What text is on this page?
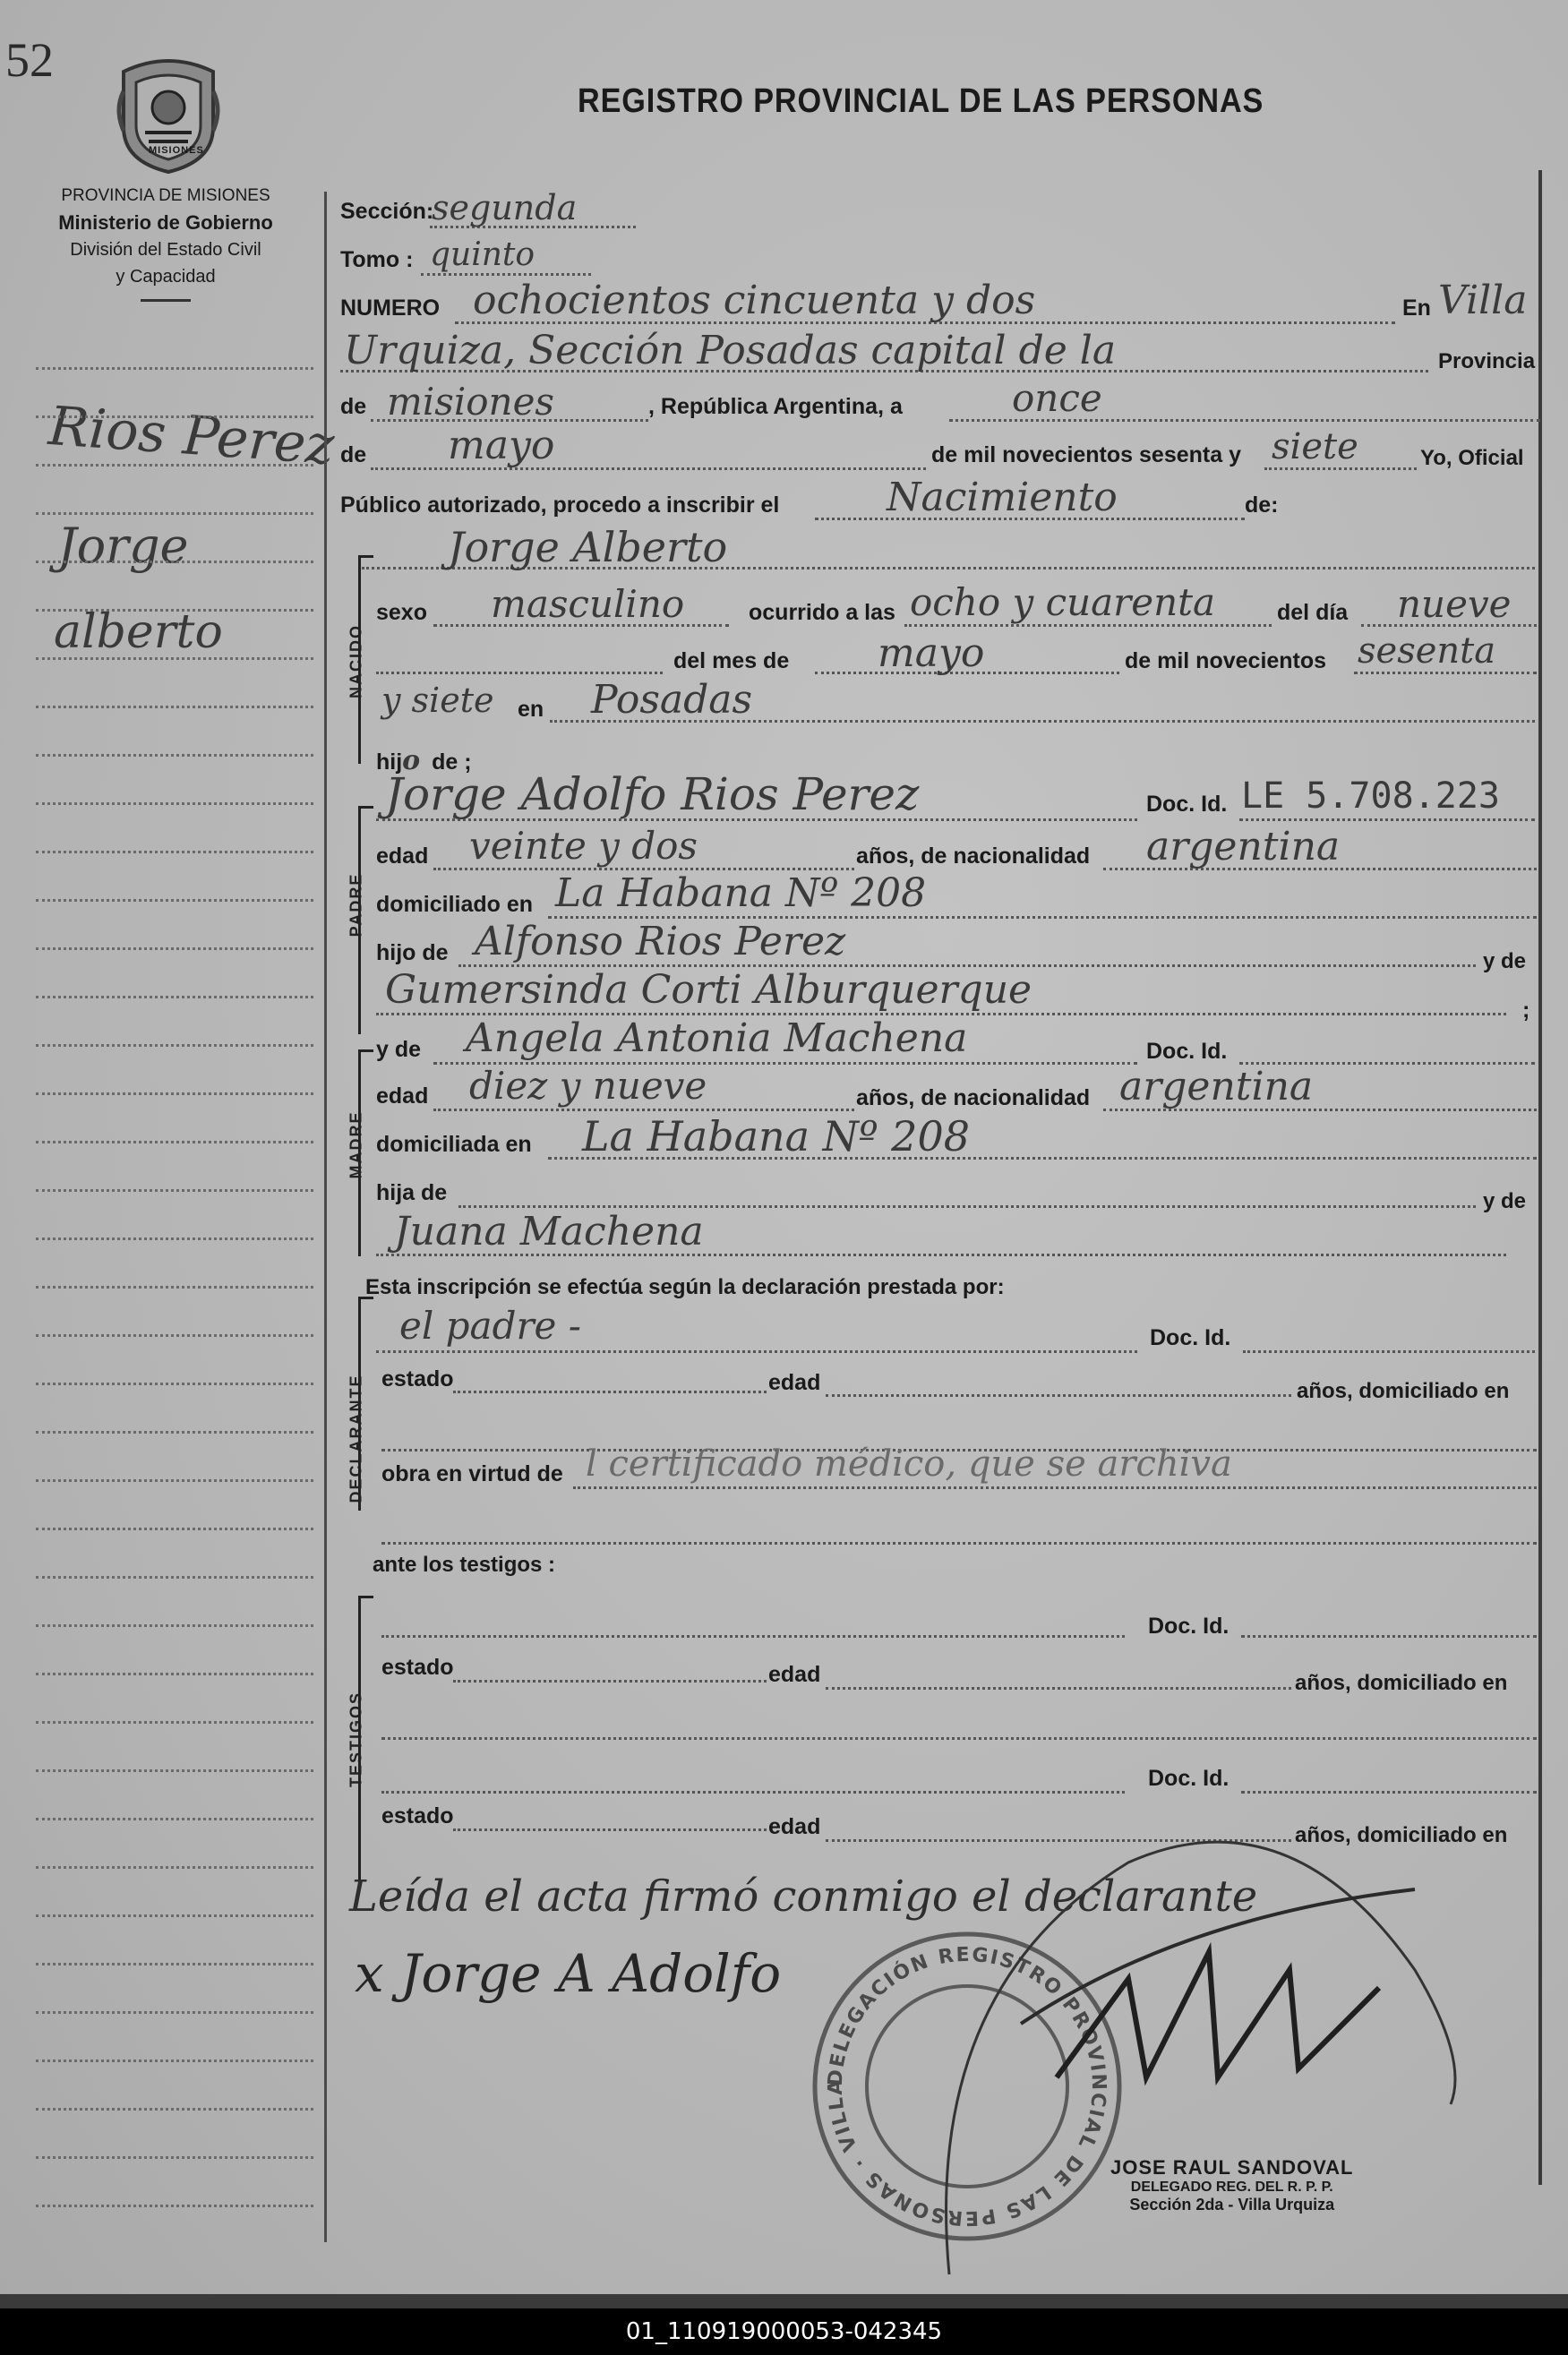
52
MISIONES
REGISTRO PROVINCIAL DE LAS PERSONAS
PROVINCIA DE MISIONES
Ministerio de Gobierno
División del Estado Civil
y Capacidad
Rios Perez
Jorge
alberto
Sección:
segunda
Tomo : quinto
NUMERO ochocientos cincuenta y dos	En Villa
Urquiza, Sección Posadas capital de la	Provincia
de misiones	, República Argentina, a	once
de mayo	de mil novecientos sesenta y siete	Yo, Oficial
Público autorizado, procedo a inscribir el	Nacimiento	de:
Jorge Alberto
NACIDO
sexo masculino	ocurrido a las ocho y cuarenta	del día nueve
del mes de mayo	de mil novecientos sesenta
y siete en Posadas
hijo de ;
Jorge Adolfo Rios Perez	Doc. Id. LE 5.708.223
PADRE
edad veinte y dos	años, de nacionalidad argentina
domiciliado en La Habana Nº 208
hijo de Alfonso Rios Perez	y de
Gumersinda Corti Alburquerque	;
y de Angela Antonia Machena	Doc. Id.
MADRE
edad diez y nueve	años, de nacionalidad argentina
domiciliada en La Habana Nº 208
hija de	y de
Juana Machena
Esta inscripción se efectúa según la declaración prestada por:
el padre -	Doc. Id.
DECLARANTE estado	edad	años, domiciliado en
obra en virtud de l certificado médico, que se archiva
ante los testigos :
TESTIGOS
Doc. Id.
estado	edad	años, domiciliado en
Doc. Id.
estado	edad	años, domiciliado en
Leída el acta firmó conmigo el declarante
x Jorge A Adolfo
DELEGACIÓN REGISTRO PROVINCIAL DE LAS PERSONAS · VILLA
JOSE RAUL SANDOVAL
DELEGADO REG. DEL R. P. P.
Sección 2da - Villa Urquiza
01_110919000053-042345
